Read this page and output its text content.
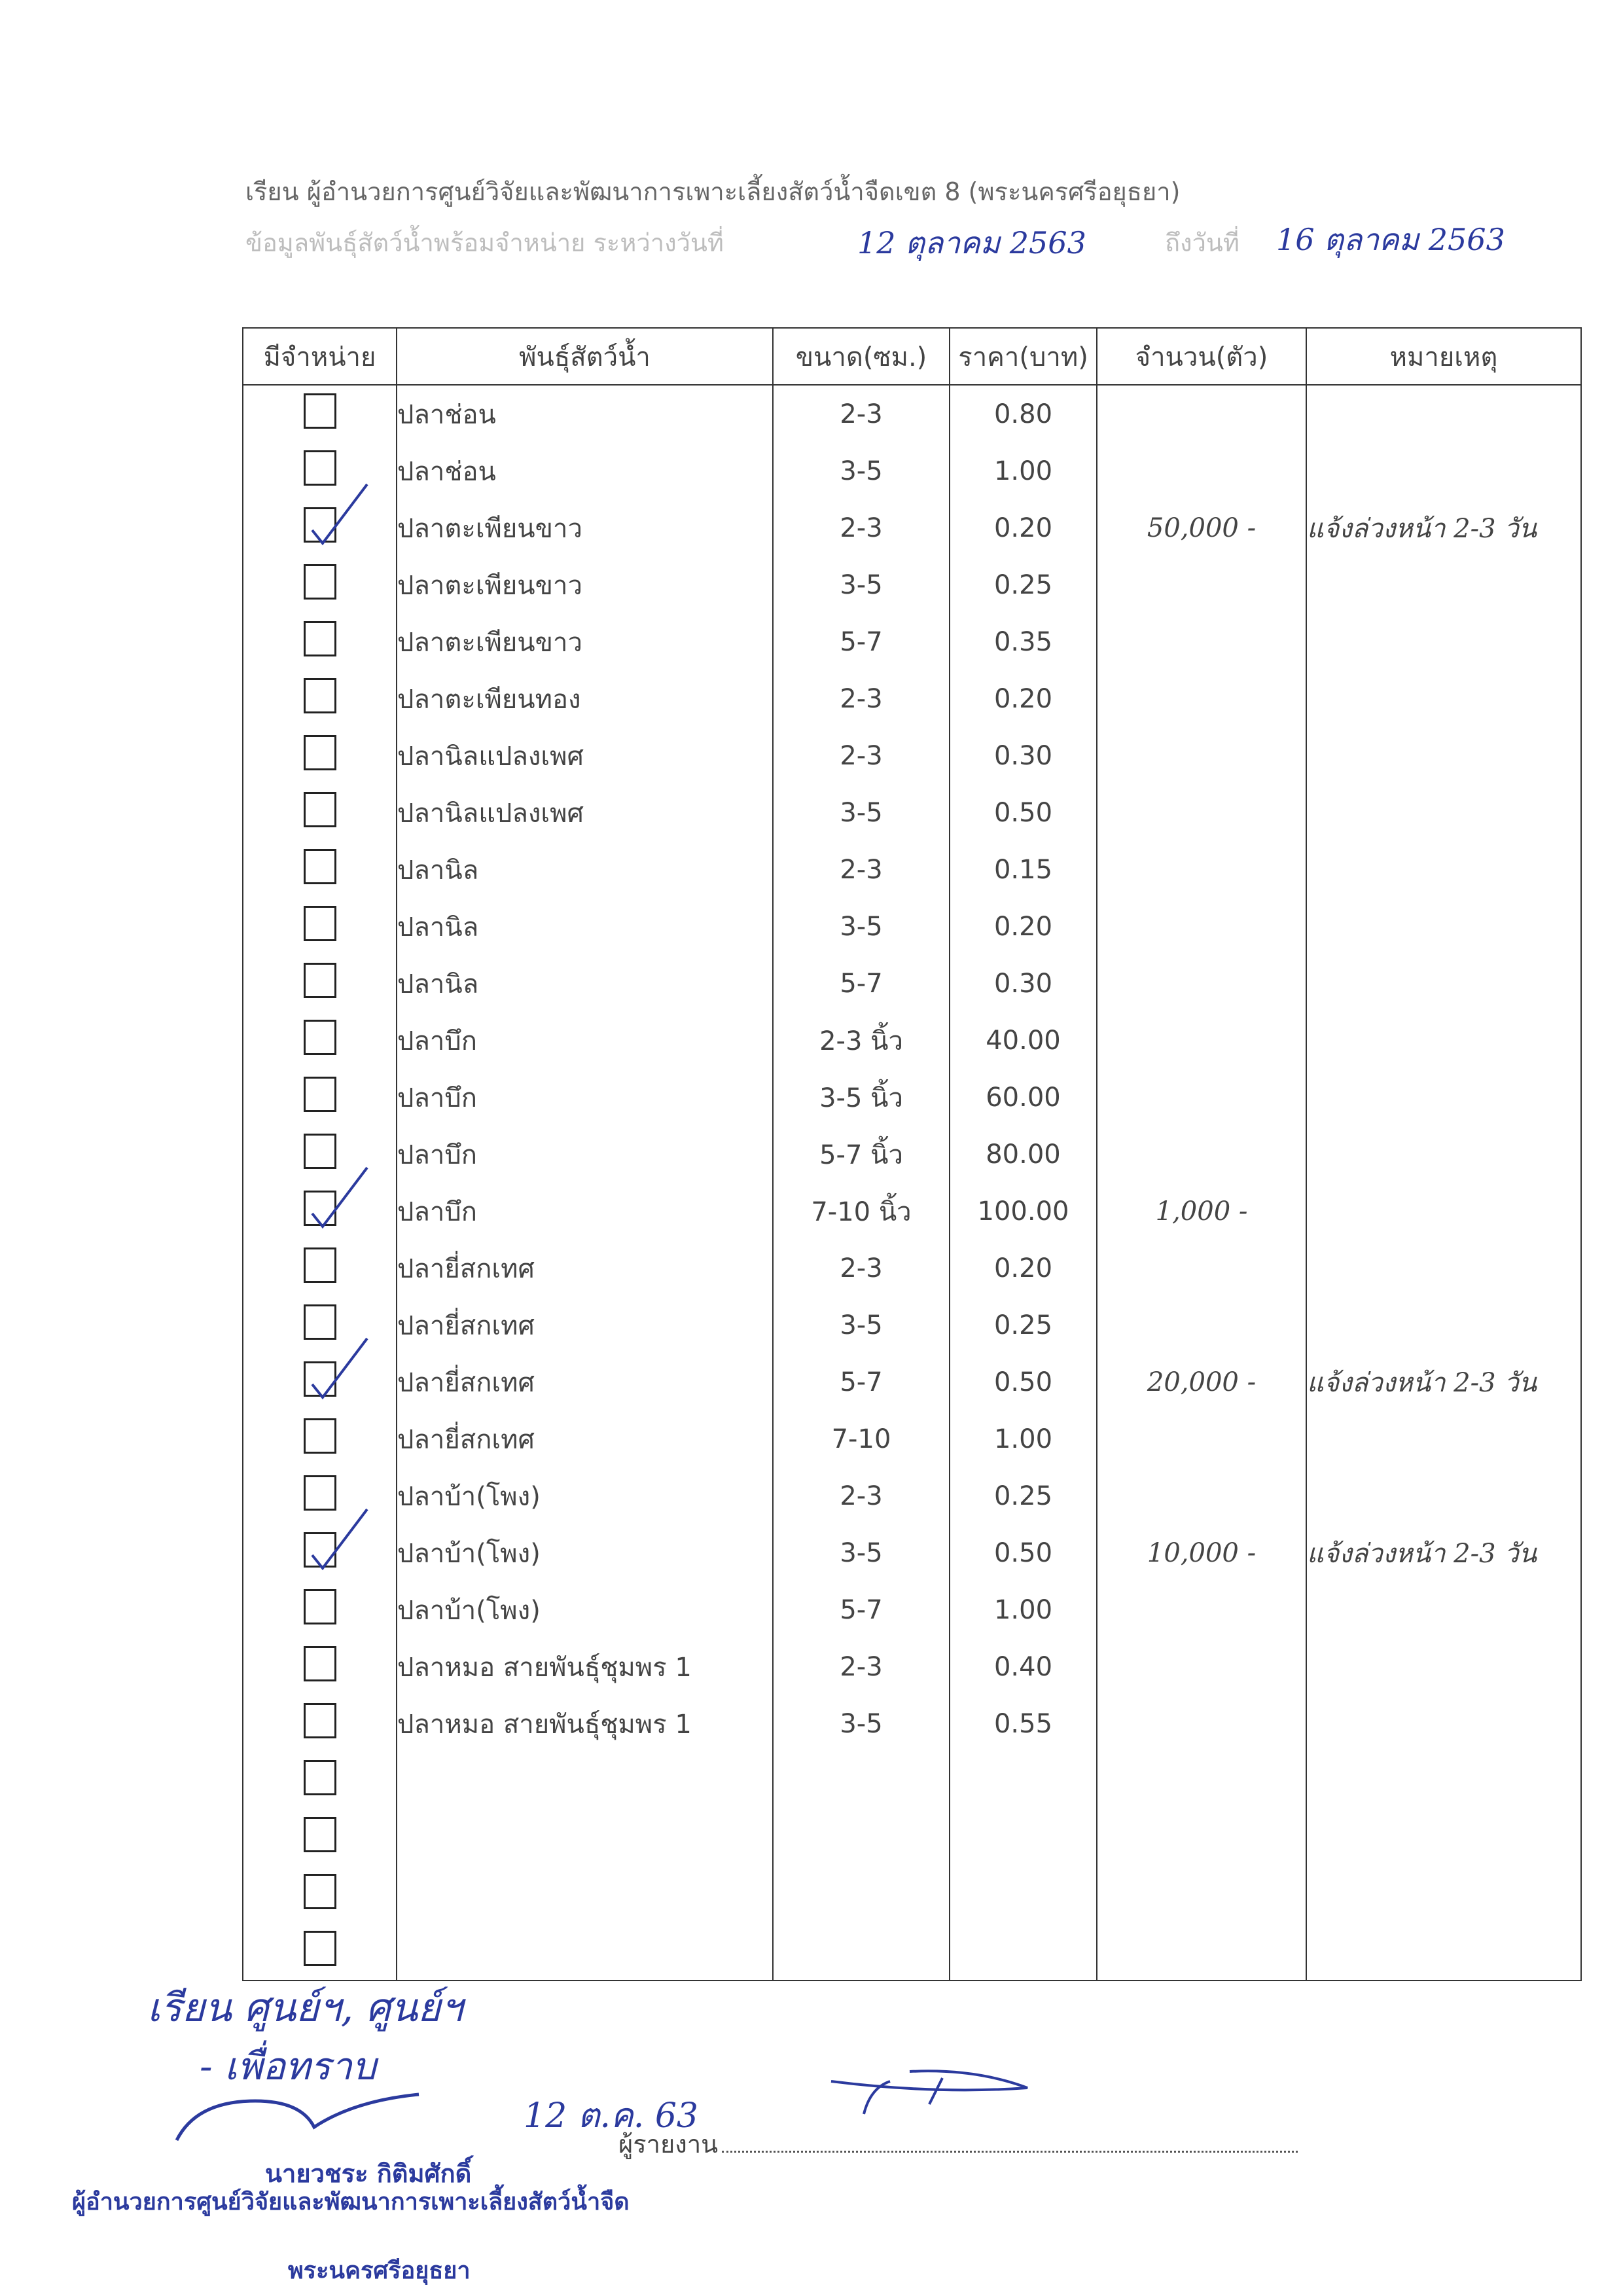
เรียน ผู้อำนวยการศูนย์วิจัยและพัฒนาการเพาะเลี้ยงสัตว์น้ำจืดเขต 8 (พระนครศรีอยุธยา)
ข้อมูลพันธุ์สัตว์น้ำพร้อมจำหน่าย ระหว่างวันที่	12 ตุลาคม 2563	ถึงวันที่ 16 ตุลาคม 2563
มีจำหน่าย	พันธุ์สัตว์น้ำ	ขนาด(ซม.)	ราคา(บาท)	จำนวน(ตัว)	หมายเหตุ
	ปลาช่อน	2-3	0.80		
	ปลาช่อน	3-5	1.00		

	ปลาตะเพียนขาว	2-3	0.20	50,000 -	แจ้งล่วงหน้า 2-3 วัน
	ปลาตะเพียนขาว	3-5	0.25		
	ปลาตะเพียนขาว	5-7	0.35		
	ปลาตะเพียนทอง	2-3	0.20		
	ปลานิลแปลงเพศ	2-3	0.30		
	ปลานิลแปลงเพศ	3-5	0.50		
	ปลานิล	2-3	0.15		
	ปลานิล	3-5	0.20		
	ปลานิล	5-7	0.30		
	ปลาบึก	2-3 นิ้ว	40.00		
	ปลาบึก	3-5 นิ้ว	60.00		
	ปลาบึก	5-7 นิ้ว	80.00		

	ปลาบึก	7-10 นิ้ว	100.00	1,000 -	
	ปลายี่สกเทศ	2-3	0.20		
	ปลายี่สกเทศ	3-5	0.25		

	ปลายี่สกเทศ	5-7	0.50	20,000 -	แจ้งล่วงหน้า 2-3 วัน
	ปลายี่สกเทศ	7-10	1.00		
	ปลาบ้า(โพง)	2-3	0.25		

	ปลาบ้า(โพง)	3-5	0.50	10,000 -	แจ้งล่วงหน้า 2-3 วัน
	ปลาบ้า(โพง)	5-7	1.00		
	ปลาหมอ สายพันธุ์ชุมพร 1	2-3	0.40		
	ปลาหมอ สายพันธุ์ชุมพร 1	3-5	0.55		

เรียน ศูนย์ฯ, ศูนย์ฯ
- เพื่อทราบ
12 ต.ค. 63
นายวชระ กิติมศักดิ์
ผู้รายงาน
ผู้อำนวยการศูนย์วิจัยและพัฒนาการเพาะเลี้ยงสัตว์น้ำจืด
พระนครศรีอยุธยา
